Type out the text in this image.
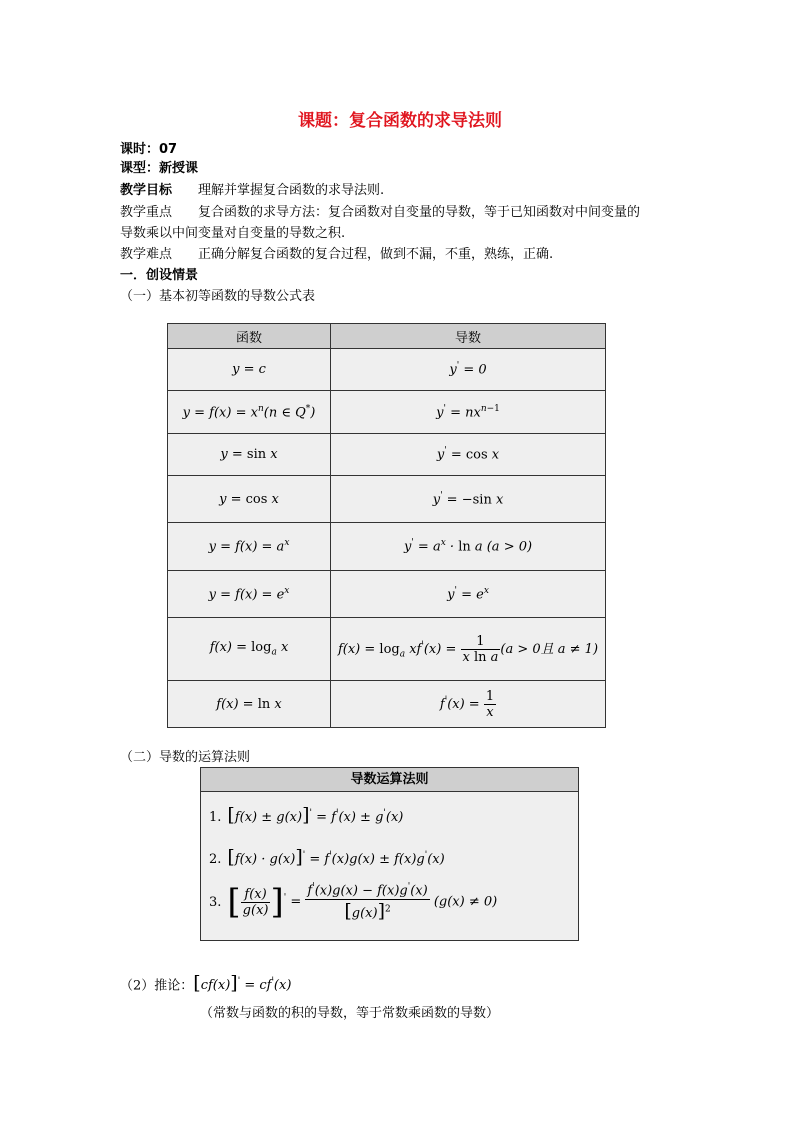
课题：复合函数的求导法则
课时：07
课型：新授课
教学目标 理解并掌握复合函数的求导法则.
教学重点 复合函数的求导方法：复合函数对自变量的导数，等于已知函数对中间变量的
导数乘以中间变量对自变量的导数之积.
教学难点 正确分解复合函数的复合过程，做到不漏，不重，熟练，正确.
一．创设情景
（一）基本初等函数的导数公式表
函数	导数
y = c	y' = 0
$y = f(x) = x^n(n$ ∈ Q*)	$y' = nx^{n-1}$
y = sin x	y' = cos x
y = cos x	y' = −sin x
$y = f(x) = a^x$	$y' = a^x \cdot \ln a$ (a > 0)
$y = f(x) = e^x$	$y' = e^x$
$f(x) = \log_a x$	$f(x) = \log_a xf'(x) = \frac{1}{\text{x ln a}} (a > 0$且 a ≠ 1)
f(x) = ln x	$f'(x) = \frac{1}{x}$
（二）导数的运算法则
导数运算法则
1. [f(x) ± g(x)]' = f'(x) ± g'(x)
2. [f(x) · g(x)]' = f'(x)g(x) ± f(x)g'(x)
3. [ $\frac{f(x)}{g(x)} ]' = \frac{f'(x)g(x) - f(x)g'(x)}{[g(x)]^2} (g(x) \ne 0)$
（2）推论：[cf(x)]' = cf'(x)
（常数与函数的积的导数，等于常数乘函数的导数）
